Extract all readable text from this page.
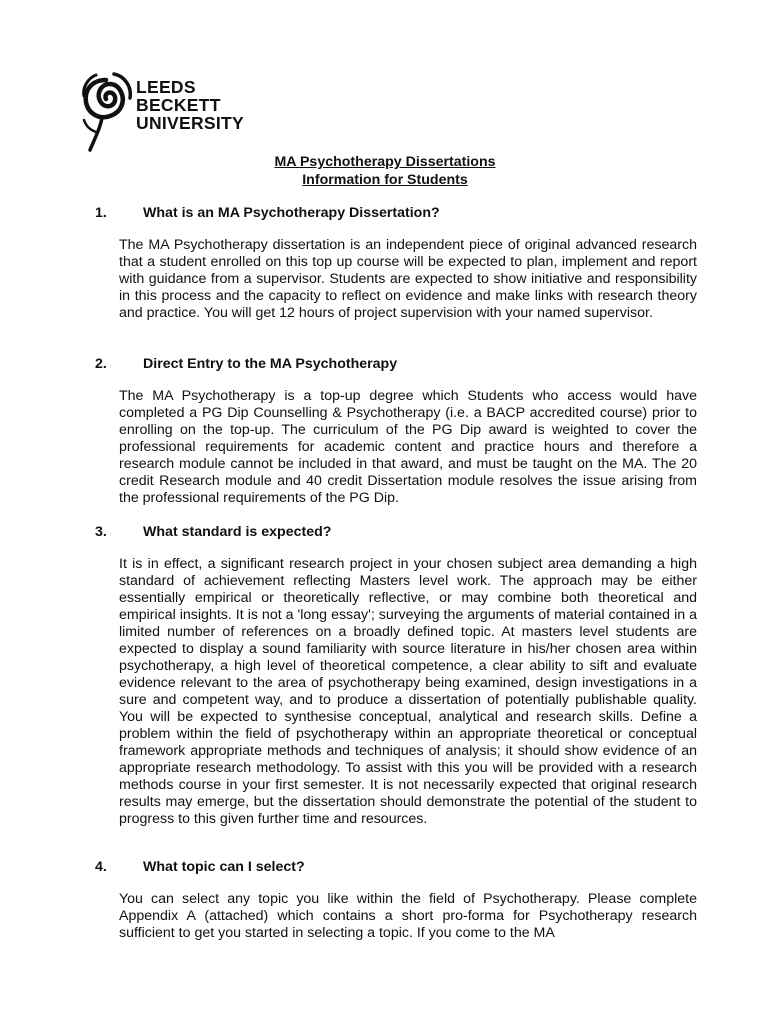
LEEDS
BECKETT
UNIVERSITY
MA Psychotherapy Dissertations
Information for Students
1.	What is an MA Psychotherapy Dissertation?

The MA Psychotherapy dissertation is an independent piece of original advanced research that a student enrolled on this top up course will be expected to plan, implement and report with guidance from a supervisor. Students are expected to show initiative and responsibility in this process and the capacity to reflect on evidence and make links with research theory and practice. You will get 12 hours of project supervision with your named supervisor.

2.	Direct Entry to the MA Psychotherapy

The MA Psychotherapy is a top-up degree which Students who access would have completed a PG Dip Counselling & Psychotherapy (i.e. a BACP accredited course) prior to enrolling on the top-up. The curriculum of the PG Dip award is weighted to cover the professional requirements for academic content and practice hours and therefore a research module cannot be included in that award, and must be taught on the MA. The 20 credit Research module and 40 credit Dissertation module resolves the issue arising from the professional requirements of the PG Dip.

3.	What standard is expected?

It is in effect, a significant research project in your chosen subject area demanding a high standard of achievement reflecting Masters level work. The approach may be either essentially empirical or theoretically reflective, or may combine both theoretical and empirical insights. It is not a 'long essay'; surveying the arguments of material contained in a limited number of references on a broadly defined topic. At masters level students are expected to display a sound familiarity with source literature in his/her chosen area within psychotherapy, a high level of theoretical competence, a clear ability to sift and evaluate evidence relevant to the area of psychotherapy being examined, design investigations in a sure and competent way, and to produce a dissertation of potentially publishable quality. You will be expected to synthesise conceptual, analytical and research skills. Define a problem within the field of psychotherapy within an appropriate theoretical or conceptual framework appropriate methods and techniques of analysis; it should show evidence of an appropriate research methodology. To assist with this you will be provided with a research methods course in your first semester. It is not necessarily expected that original research results may emerge, but the dissertation should demonstrate the potential of the student to progress to this given further time and resources.

4.	What topic can I select?

You can select any topic you like within the field of Psychotherapy. Please complete Appendix A (attached) which contains a short pro-forma for Psychotherapy research sufficient to get you started in selecting a topic. If you come to the MA
